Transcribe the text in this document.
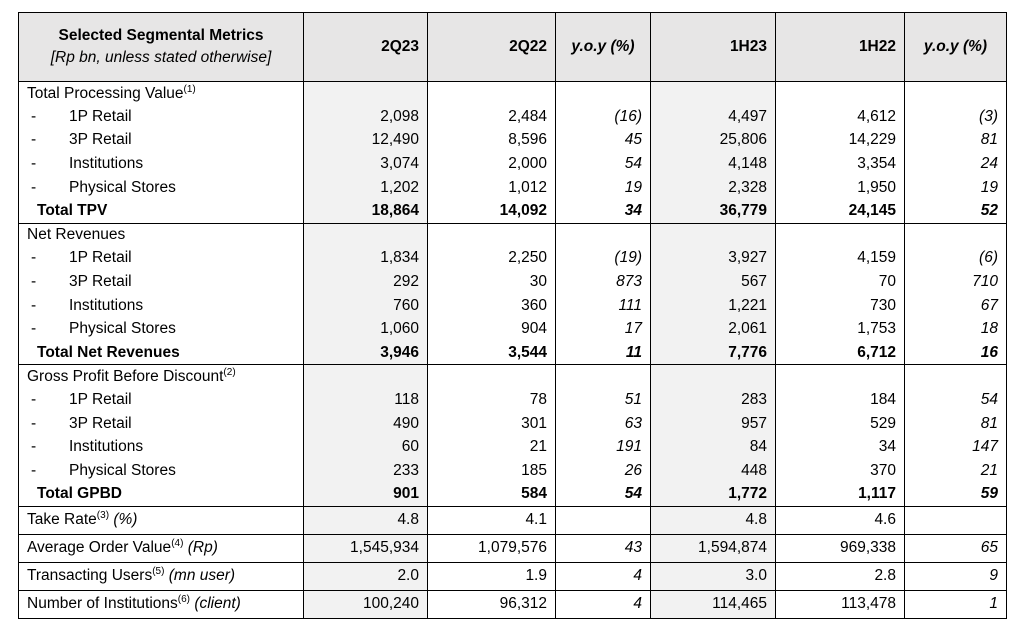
Selected Segmental Metrics
[Rp bn, unless stated otherwise]	2Q23	2Q22	y.o.y (%)	1H23	1H22	y.o.y (%)
Total Processing Value$^{(1)}$						
- 1P Retail	2,098	2,484	(16)	4,497	4,612	(3)
- 3P Retail	12,490	8,596	45	25,806	14,229	81
- Institutions	3,074	2,000	54	4,148	3,354	24
- Physical Stores	1,202	1,012	19	2,328	1,950	19
Total TPV	18,864	14,092	34	36,779	24,145	52
Net Revenues						
- 1P Retail	1,834	2,250	(19)	3,927	4,159	(6)
- 3P Retail	292	30	873	567	70	710
- Institutions	760	360	111	1,221	730	67
- Physical Stores	1,060	904	17	2,061	1,753	18
Total Net Revenues	3,946	3,544	11	7,776	6,712	16
Gross Profit Before Discount$^{(2)}$						
- 1P Retail	118	78	51	283	184	54
- 3P Retail	490	301	63	957	529	81
- Institutions	60	21	191	84	34	147
- Physical Stores	233	185	26	448	370	21
Total GPBD	901	584	54	1,772	1,117	59
Take Rate$^{(3)}$ (%)	4.8	4.1		4.8	4.6	
Average Order Value$^{(4)}$ (Rp)	1,545,934	1,079,576	43	1,594,874	969,338	65
Transacting Users$^{(5)}$ (mn user)	2.0	1.9	4	3.0	2.8	9
Number of Institutions$^{(6)}$ (client)	100,240	96,312	4	114,465	113,478	1
